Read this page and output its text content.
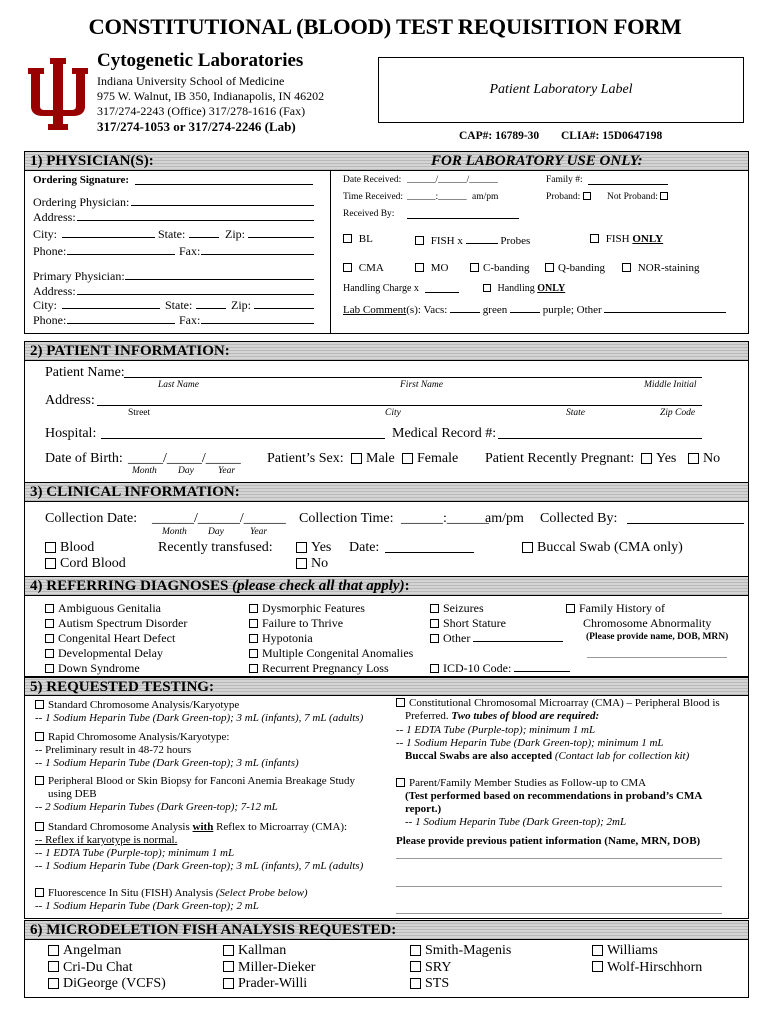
CONSTITUTIONAL (BLOOD) TEST REQUISITION FORM
Cytogenetic Laboratories
Indiana University School of Medicine
975 W. Walnut, IB 350, Indianapolis, IN 46202
317/274-2243 (Office) 317/278-1616 (Fax)
317/274-1053 or 317/274-2246 (Lab)
Patient Laboratory Label
CAP#: 16789-30 CLIA#: 15D0647198
1) PHYSICIAN(S):	FOR LABORATORY USE ONLY:
Ordering Signature:
Ordering Physician:
Address:
City:	State:	Zip:
Phone:	Fax:
Primary Physician:
Address:
City:	State:	Zip:
Phone:	Fax:
Date Received: ______/______/______	Family #:
Time Received: ______:______ am/pm	Proband:	Not Proband:
Received By:
BL	FISH x	Probes	FISH ONLY
CMA	MO	C-banding	Q-banding	NOR-staining
Handling Charge x	Handling ONLY
Lab Comment(s): Vacs:	green	purple; Other
2) PATIENT INFORMATION:
Patient Name:
Last Name	First Name	Middle Initial
Address:
Street	City	State	Zip Code
Hospital:	Medical Record #:
Date of Birth: _____/_____/_____
Month Day	Year
Patient’s Sex:	Male	Female Patient Recently Pregnant:	Yes	No
3) CLINICAL INFORMATION:
Collection Date: ______/______/______
Month Day	Year
Collection Time: ______:______
am/pm Collected By:
Blood
Cord Blood
Recently transfused:	Yes
No
Date:	Buccal Swab (CMA only)
4) REFERRING DIAGNOSES (please check all that apply):
Ambiguous Genitalia
Autism Spectrum Disorder
Congenital Heart Defect
Developmental Delay
Down Syndrome
Dysmorphic Features
Failure to Thrive
Hypotonia
Multiple Congenital Anomalies
Recurrent Pregnancy Loss
Seizures
Short Stature
Other
ICD-10 Code:
Family History of
Chromosome Abnormality
(Please provide name, DOB, MRN)
5) REQUESTED TESTING:
Standard Chromosome Analysis/Karyotype
-- 1 Sodium Heparin Tube (Dark Green-top); 3 mL (infants), 7 mL (adults)
Rapid Chromosome Analysis/Karyotype:
-- Preliminary result in 48-72 hours
-- 1 Sodium Heparin Tube (Dark Green-top); 3 mL (infants)
Peripheral Blood or Skin Biopsy for Fanconi Anemia Breakage Study
using DEB
-- 2 Sodium Heparin Tubes (Dark Green-top); 7-12 mL
Standard Chromosome Analysis with Reflex to Microarray (CMA):
-- Reflex if karyotype is normal.
-- 1 EDTA Tube (Purple-top); minimum 1 mL
-- 1 Sodium Heparin Tube (Dark Green-top); 3 mL (infants), 7 mL (adults)
Fluorescence In Situ (FISH) Analysis (Select Probe below)
-- 1 Sodium Heparin Tube (Dark Green-top); 2 mL
Constitutional Chromosomal Microarray (CMA) – Peripheral Blood is
Preferred. Two tubes of blood are required:
-- 1 EDTA Tube (Purple-top); minimum 1 mL
-- 1 Sodium Heparin Tube (Dark Green-top); minimum 1 mL
Buccal Swabs are also accepted (Contact lab for collection kit)
Parent/Family Member Studies as Follow-up to CMA
(Test performed based on recommendations in proband’s CMA
report.)
-- 1 Sodium Heparin Tube (Dark Green-top); 2mL
Please provide previous patient information (Name, MRN, DOB)
6) MICRODELETION FISH ANALYSIS REQUESTED:
Angelman
Cri-Du Chat
DiGeorge (VCFS)
Kallman
Miller-Dieker
Prader-Willi
Smith-Magenis
SRY
STS
Williams
Wolf-Hirschhorn
